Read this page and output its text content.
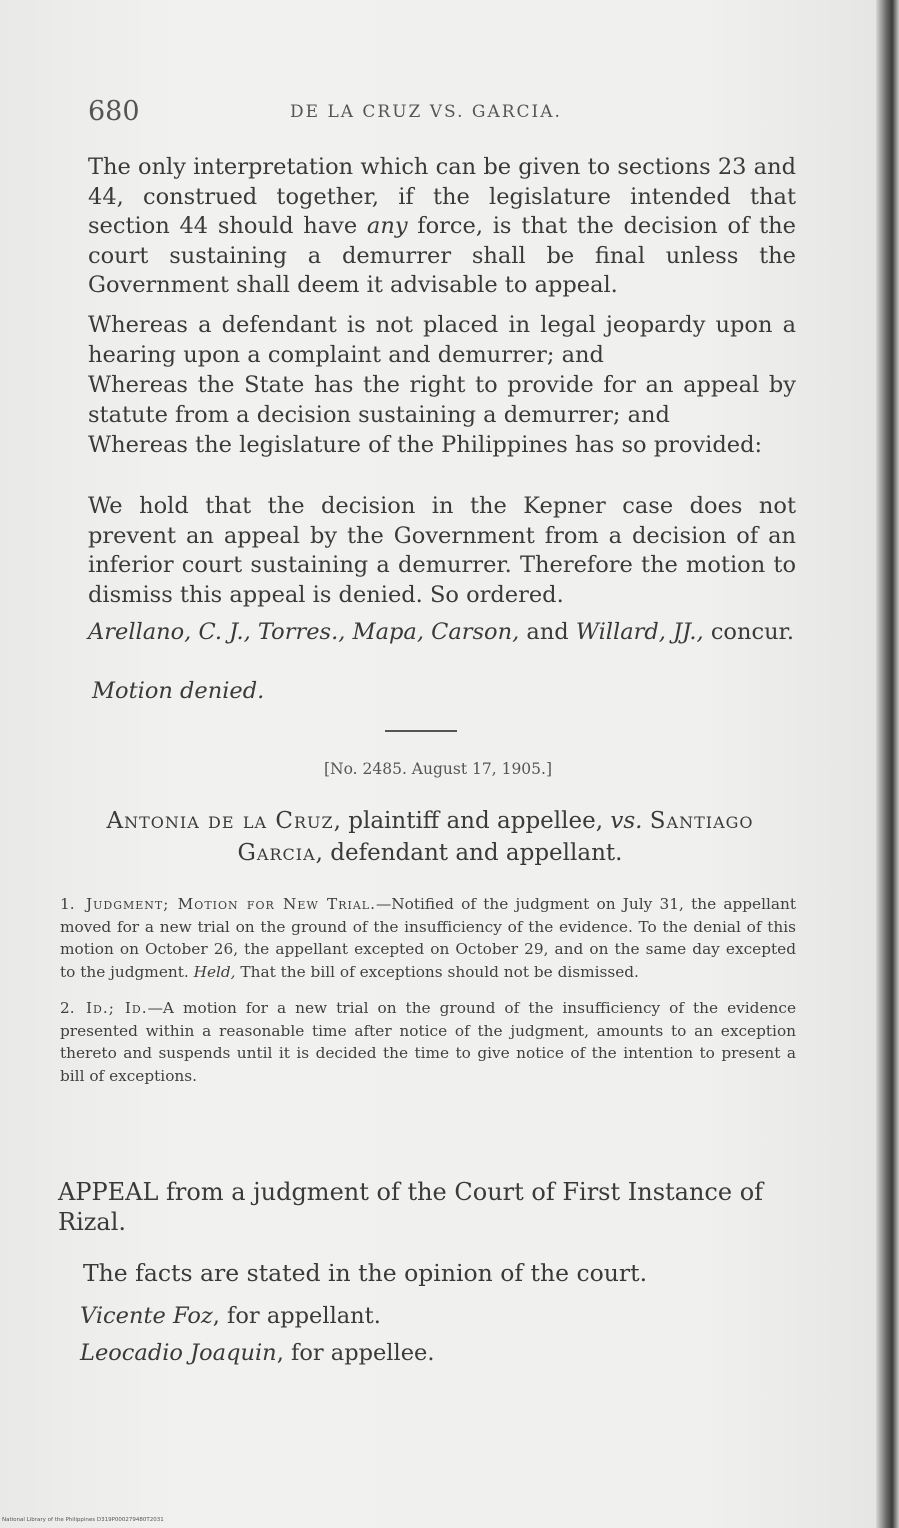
680	DE LA CRUZ VS. GARCIA.
The only interpretation which can be given to sections 23 and 44, construed together, if the legislature intended that section 44 should have any force, is that the decision of the court sustaining a demurrer shall be final unless the Government shall deem it advisable to appeal.
Whereas a defendant is not placed in legal jeopardy upon a hearing upon a complaint and demurrer; and
Whereas the State has the right to provide for an appeal by statute from a decision sustaining a demurrer; and
Whereas the legislature of the Philippines has so provided:
We hold that the decision in the Kepner case does not prevent an appeal by the Government from a decision of an inferior court sustaining a demurrer. Therefore the motion to dismiss this appeal is denied. So ordered.
Arellano, C. J., Torres., Mapa, Carson, and Willard, JJ., concur.
Motion denied.
[No. 2485. August 17, 1905.]
Antonia de la Cruz, plaintiff and appellee, vs. Santiago Garcia, defendant and appellant.
1. Judgment; Motion for New Trial.—Notified of the judgment on July 31, the appellant moved for a new trial on the ground of the insufficiency of the evidence. To the denial of this motion on October 26, the appellant excepted on October 29, and on the same day excepted to the judgment. Held, That the bill of exceptions should not be dismissed.
2. Id.; Id.—A motion for a new trial on the ground of the insufficiency of the evidence presented within a reasonable time after notice of the judgment, amounts to an exception thereto and suspends until it is decided the time to give notice of the intention to present a bill of exceptions.
APPEAL from a judgment of the Court of First Instance of Rizal.
The facts are stated in the opinion of the court.
Vicente Foz, for appellant.
Leocadio Joaquin, for appellee.
National Library of the Philippines D319P000279480T2031
